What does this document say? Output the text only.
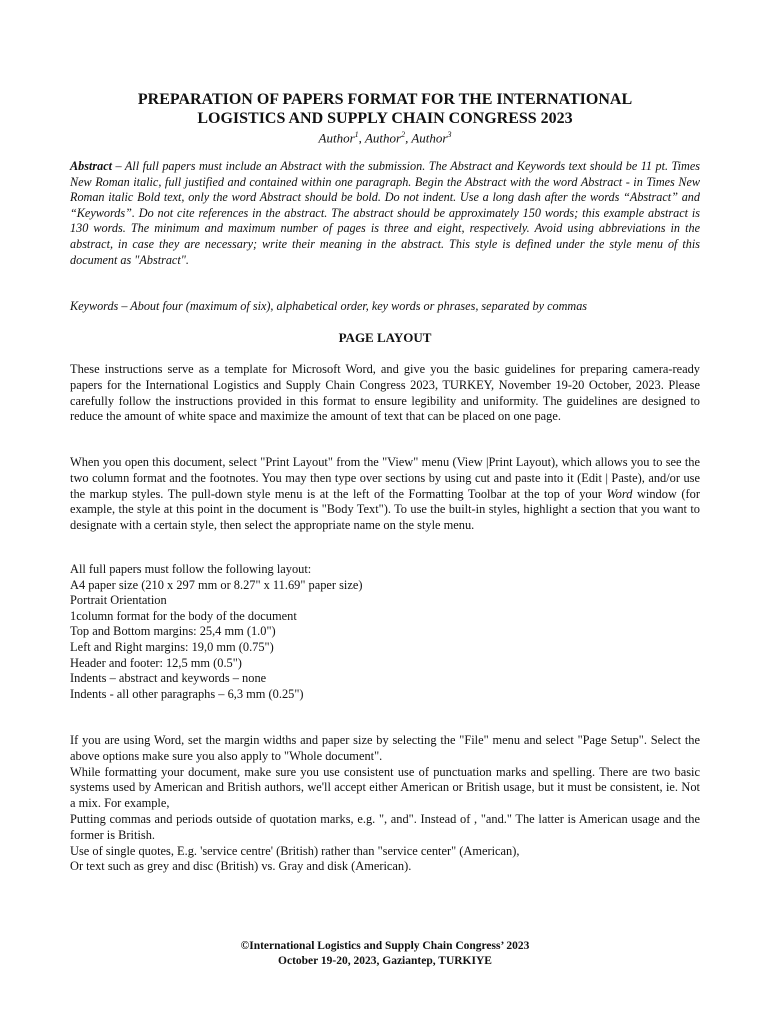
PREPARATION OF PAPERS FORMAT FOR THE INTERNATIONAL
LOGISTICS AND SUPPLY CHAIN CONGRESS 2023

Author$^1$, Author$^2$, Author$^3$

Abstract – All full papers must include an Abstract with the submission. The Abstract and Keywords text should be 11 pt. Times New Roman italic, full justified and contained within one paragraph. Begin the Abstract with the word Abstract - in Times New Roman italic Bold text, only the word Abstract should be bold. Do not indent. Use a long dash after the words “Abstract” and “Keywords”. Do not cite references in the abstract. The abstract should be approximately 150 words; this example abstract is 130 words. The minimum and maximum number of pages is three and eight, respectively. Avoid using abbreviations in the abstract, in case they are necessary; write their meaning in the abstract. This style is defined under the style menu of this document as "Abstract".

Keywords – About four (maximum of six), alphabetical order, key words or phrases, separated by commas

PAGE LAYOUT

These instructions serve as a template for Microsoft Word, and give you the basic guidelines for preparing camera-ready papers for the International Logistics and Supply Chain Congress 2023, TURKEY, November 19-20 October, 2023. Please carefully follow the instructions provided in this format to ensure legibility and uniformity. The guidelines are designed to reduce the amount of white space and maximize the amount of text that can be placed on one page.

When you open this document, select "Print Layout" from the "View" menu (View |Print Layout), which allows you to see the two column format and the footnotes. You may then type over sections by using cut and paste into it (Edit | Paste), and/or use the markup styles. The pull-down style menu is at the left of the Formatting Toolbar at the top of your Word window (for example, the style at this point in the document is "Body Text"). To use the built-in styles, highlight a section that you want to designate with a certain style, then select the appropriate name on the style menu.

All full papers must follow the following layout:
A4 paper size (210 x 297 mm or 8.27" x 11.69" paper size)
Portrait Orientation
1column format for the body of the document
Top and Bottom margins: 25,4 mm (1.0")
Left and Right margins: 19,0 mm (0.75")
Header and footer: 12,5 mm (0.5")
Indents – abstract and keywords – none
Indents - all other paragraphs – 6,3 mm (0.25")
If you are using Word, set the margin widths and paper size by selecting the "File" menu and select "Page Setup". Select the above options make sure you also apply to "Whole document".
While formatting your document, make sure you use consistent use of punctuation marks and spelling. There are two basic systems used by American and British authors, we'll accept either American or British usage, but it must be consistent, ie. Not a mix. For example,
Putting commas and periods outside of quotation marks, e.g. ", and". Instead of , "and." The latter is American usage and the former is British.
Use of single quotes, E.g. 'service centre' (British) rather than "service center" (American),
Or text such as grey and disc (British) vs. Gray and disk (American).
©International Logistics and Supply Chain Congress’ 2023
October 19-20, 2023, Gaziantep, TURKIYE
